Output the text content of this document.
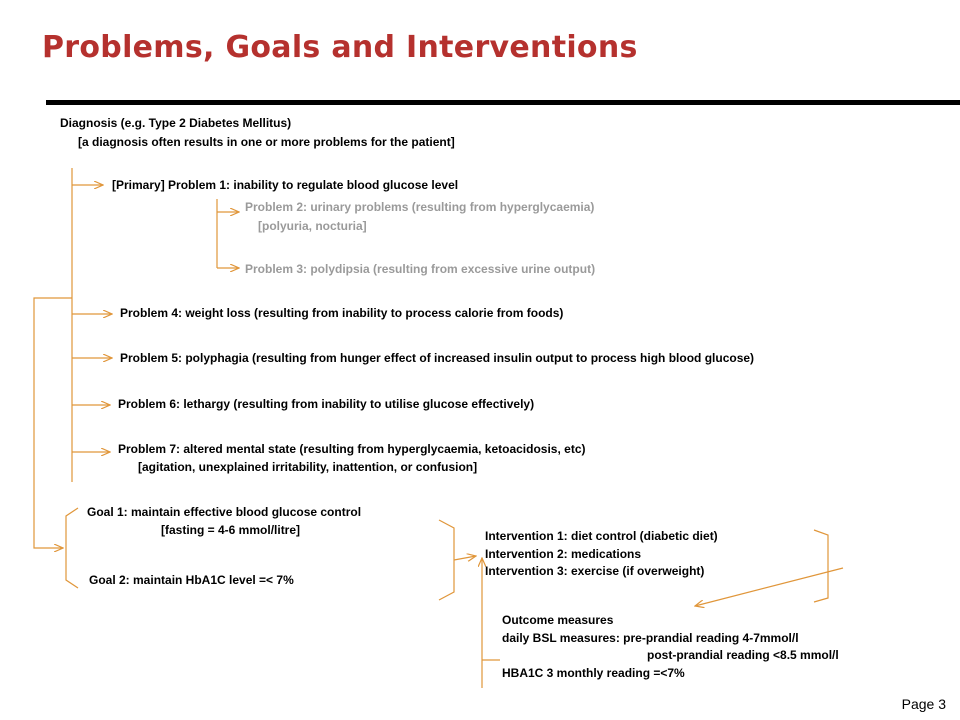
Problems, Goals and Interventions
Diagnosis (e.g. Type 2 Diabetes Mellitus)
[a diagnosis often results in one or more problems for the patient]
[Primary] Problem 1: inability to regulate blood glucose level
Problem 2: urinary problems (resulting from hyperglycaemia)
[polyuria, nocturia]
Problem 3: polydipsia (resulting from excessive urine output)
Problem 4: weight loss (resulting from inability to process calorie from foods)
Problem 5: polyphagia (resulting from hunger effect of increased insulin output to process high blood glucose)
Problem 6: lethargy (resulting from inability to utilise glucose effectively)
Problem 7: altered mental state (resulting from hyperglycaemia, ketoacidosis, etc)
[agitation, unexplained irritability, inattention, or confusion]
Goal 1: maintain effective blood glucose control
[fasting = 4-6 mmol/litre]
Goal 2: maintain HbA1C level =< 7%
Intervention 1: diet control (diabetic diet)
Intervention 2: medications
Intervention 3: exercise (if overweight)
Outcome measures
daily BSL measures: pre-prandial reading 4-7mmol/l
post-prandial reading <8.5 mmol/l
HBA1C 3 monthly reading =<7%
Page 3
